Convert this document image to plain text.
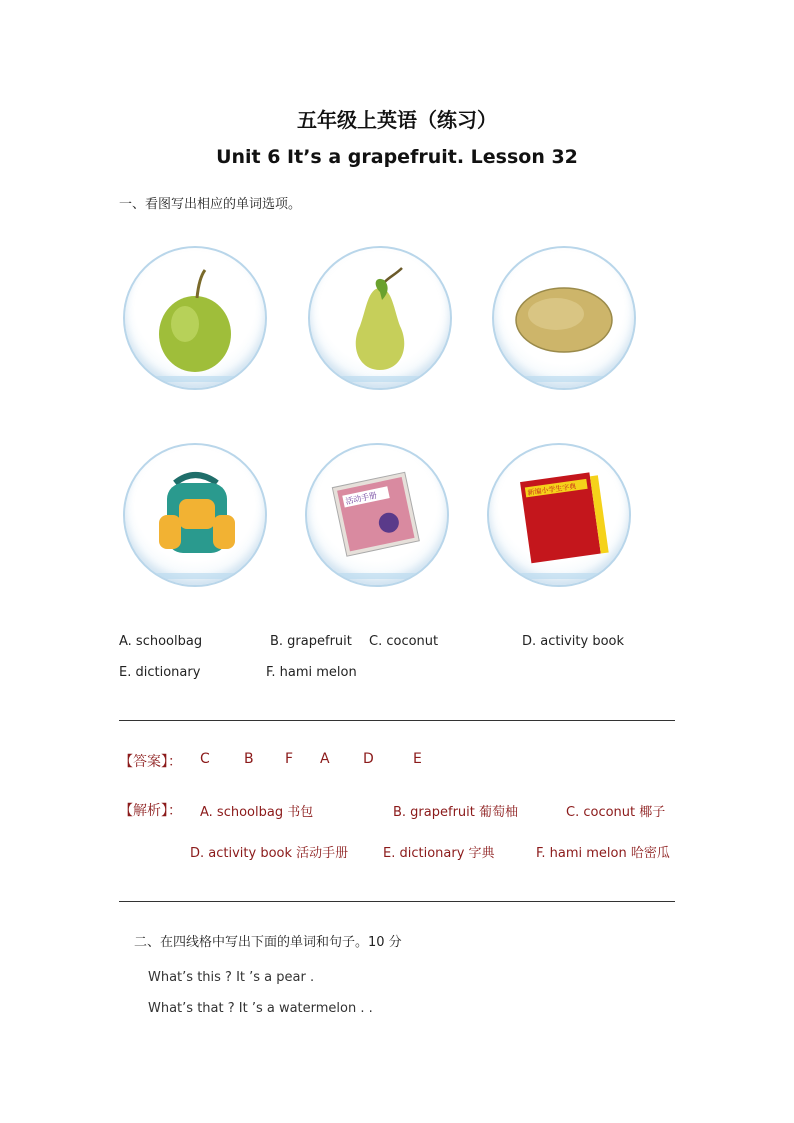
五年级上英语（练习）
Unit 6 It’s a grapefruit. Lesson 32
一、看图写出相应的单词选项。
活动手册
新编小学生字典
A. schoolbag	B. grapefruit C. coconut	D. activity book
E. dictionary	F. hami melon
【答案】： C B F A D	E
【解析】： A. schoolbag 书包	B. grapefruit 葡萄柚	C. coconut 椰子
D. activity book 活动手册	E. dictionary 字典	F. hami melon 哈密瓜
二、在四线格中写出下面的单词和句子。10 分
What’s this ? It ’s a pear .
What’s that ? It ’s a watermelon . .
